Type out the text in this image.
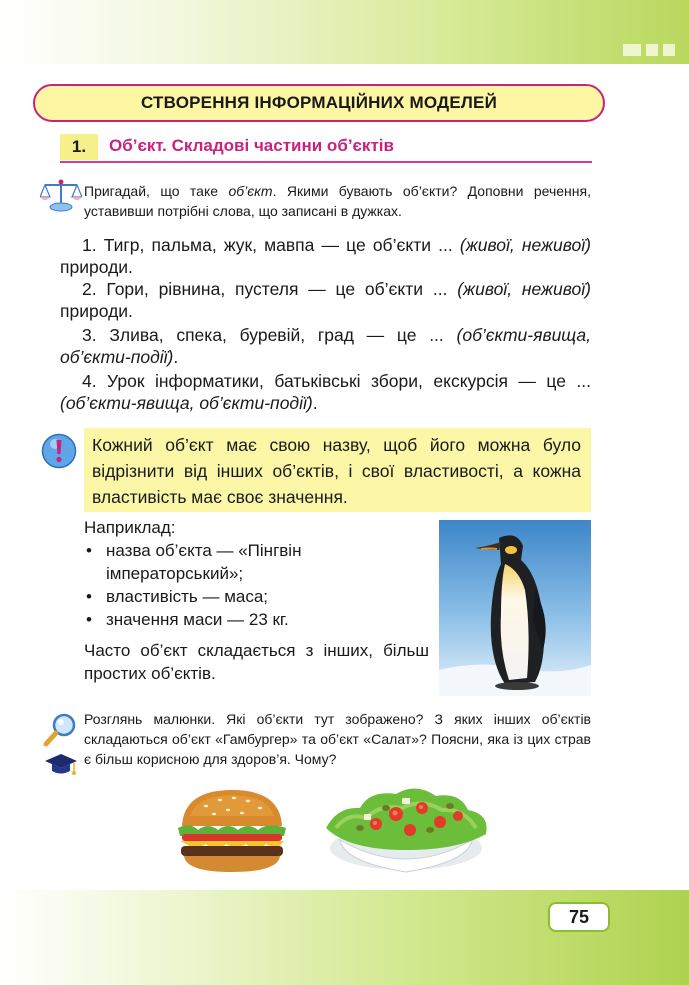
СТВОРЕННЯ ІНФОРМАЦІЙНИХ МОДЕЛЕЙ
1.	Об’єкт. Складові частини об’єктів

Пригадай, що таке об’єкт. Якими бувають об’єкти? Доповни речення, уставивши потрібні слова, що записані в дужках.

1. Тигр, пальма, жук, мавпа — це об’єкти ... (живої, неживої) природи.

2. Гори, рівнина, пустеля — це об’єкти ... (живої, неживої) природи.

3. Злива, спека, буревій, град — це ... (об’єкти-явища, об’єкти-події).

4. Урок інформатики, батьківські збори, екскурсія — це ... (об’єкти-явища, об’єкти-події).

Кожний об’єкт має свою назву, щоб його можна було відрізнити від інших об’єктів, і свої властивості, а кожна властивість має своє значення.
Наприклад:
• назва об’єкта — «Пінгвін імператорський»;
• властивість — маса;
• значення маси — 23 кг.
Часто об’єкт складається з інших, більш простих об’єктів.

Розглянь малюнки. Які об’єкти тут зображено? З яких інших об’єктів складаються об’єкт «Гамбургер» та об’єкт «Салат»? Поясни, яка із цих страв є більш корисною для здоров’я. Чому?

75
